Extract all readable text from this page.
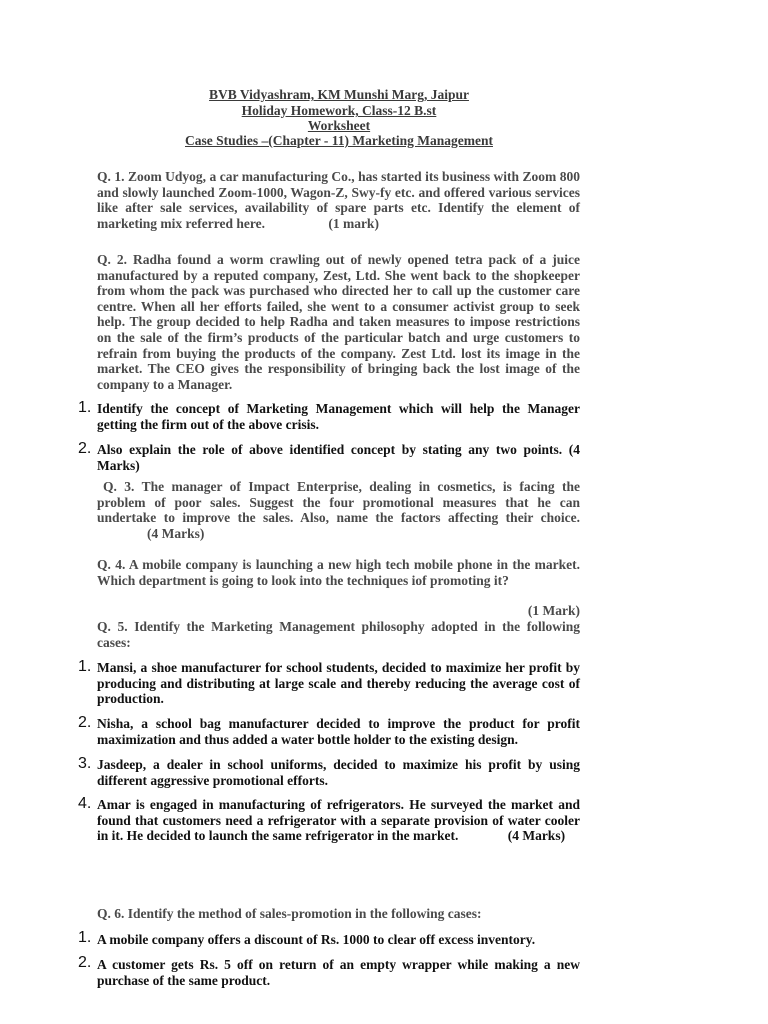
BVB Vidyashram, KM Munshi Marg, Jaipur
Holiday Homework, Class-12 B.st
Worksheet
Case Studies –(Chapter - 11) Marketing Management
Q. 1. Zoom Udyog, a car manufacturing Co., has started its business with Zoom 800 and slowly launched Zoom-1000, Wagon-Z, Swy-fy etc. and offered various services like after sale services, availability of spare parts etc. Identify the element of marketing mix referred here.	(1 mark)
Q. 2. Radha found a worm crawling out of newly opened tetra pack of a juice manufactured by a reputed company, Zest, Ltd. She went back to the shopkeeper from whom the pack was purchased who directed her to call up the customer care centre. When all her efforts failed, she went to a consumer activist group to seek help. The group decided to help Radha and taken measures to impose restrictions on the sale of the firm’s products of the particular batch and urge customers to refrain from buying the products of the company. Zest Ltd. lost its image in the market. The CEO gives the responsibility of bringing back the lost image of the company to a Manager.
1. Identify the concept of Marketing Management which will help the Manager getting the firm out of the above crisis.
2. Also explain the role of above identified concept by stating any two points. (4 Marks)
Q. 3. The manager of Impact Enterprise, dealing in cosmetics, is facing the problem of poor sales. Suggest the four promotional measures that he can undertake to improve the sales. Also, name the factors affecting their choice. (4 Marks)
Q. 4. A mobile company is launching a new high tech mobile phone in the market. Which department is going to look into the techniques iof promoting it?
(1 Mark)
Q. 5. Identify the Marketing Management philosophy adopted in the following cases:
1. Mansi, a shoe manufacturer for school students, decided to maximize her profit by producing and distributing at large scale and thereby reducing the average cost of production.
2. Nisha, a school bag manufacturer decided to improve the product for profit maximization and thus added a water bottle holder to the existing design.
3. Jasdeep, a dealer in school uniforms, decided to maximize his profit by using different aggressive promotional efforts.
4. Amar is engaged in manufacturing of refrigerators. He surveyed the market and found that customers need a refrigerator with a separate provision of water cooler in it. He decided to launch the same refrigerator in the market.	(4 Marks)
Q. 6. Identify the method of sales-promotion in the following cases:
1. A mobile company offers a discount of Rs. 1000 to clear off excess inventory.
2. A customer gets Rs. 5 off on return of an empty wrapper while making a new purchase of the same product.
